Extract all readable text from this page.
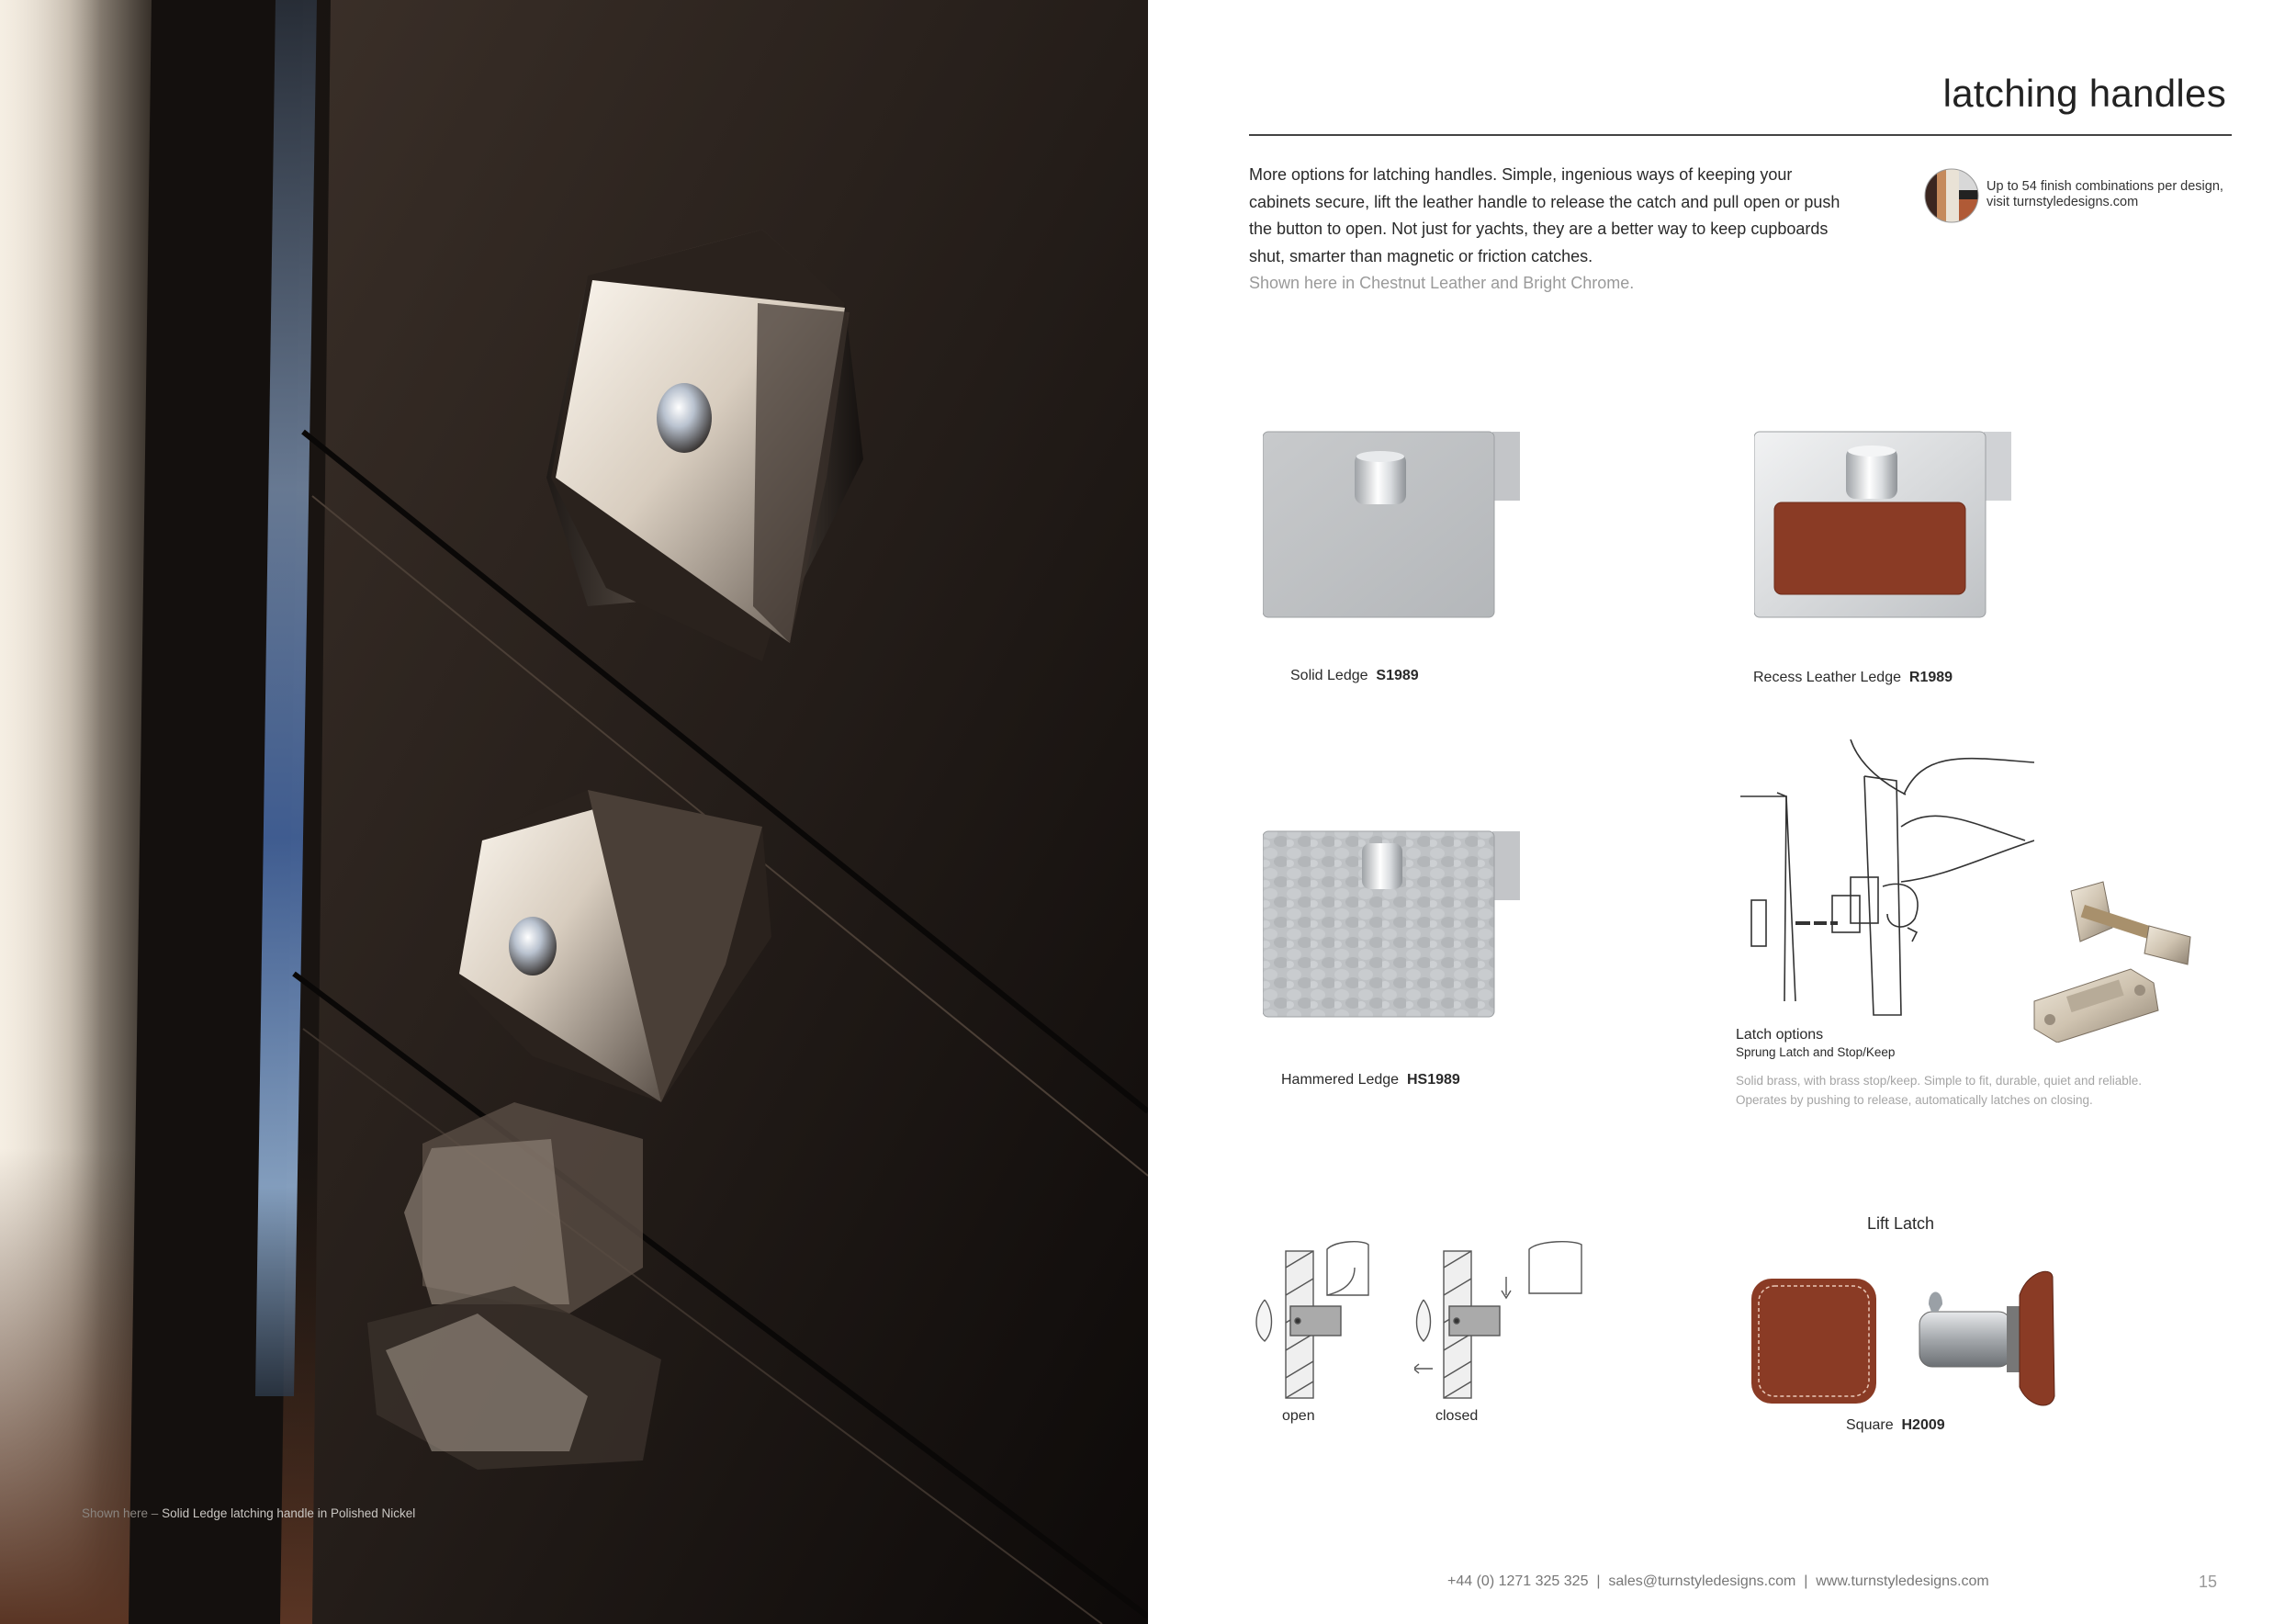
Shown here – Solid Ledge latching handle in Polished Nickel
latching handles
More options for latching handles. Simple, ingenious ways of keeping your cabinets secure, lift the leather handle to release the catch and pull open or push the button to open. Not just for yachts, they are a better way to keep cupboards shut, smarter than magnetic or friction catches.
Shown here in Chestnut Leather and Bright Chrome.
Up to 54 finish combinations per design,
visit turnstyledesigns.com
Solid Ledge S1989	Recess Leather Ledge R1989
Hammered Ledge HS1989
Latch options
Sprung Latch and Stop/Keep
Solid brass, with brass stop/keep. Simple to fit, durable, quiet and reliable.
Operates by pushing to release, automatically latches on closing.
open	closed
Lift Latch
Square H2009
+44 (0) 1271 325 325  |  sales@turnstyledesigns.com  |  www.turnstyledesigns.com	15
